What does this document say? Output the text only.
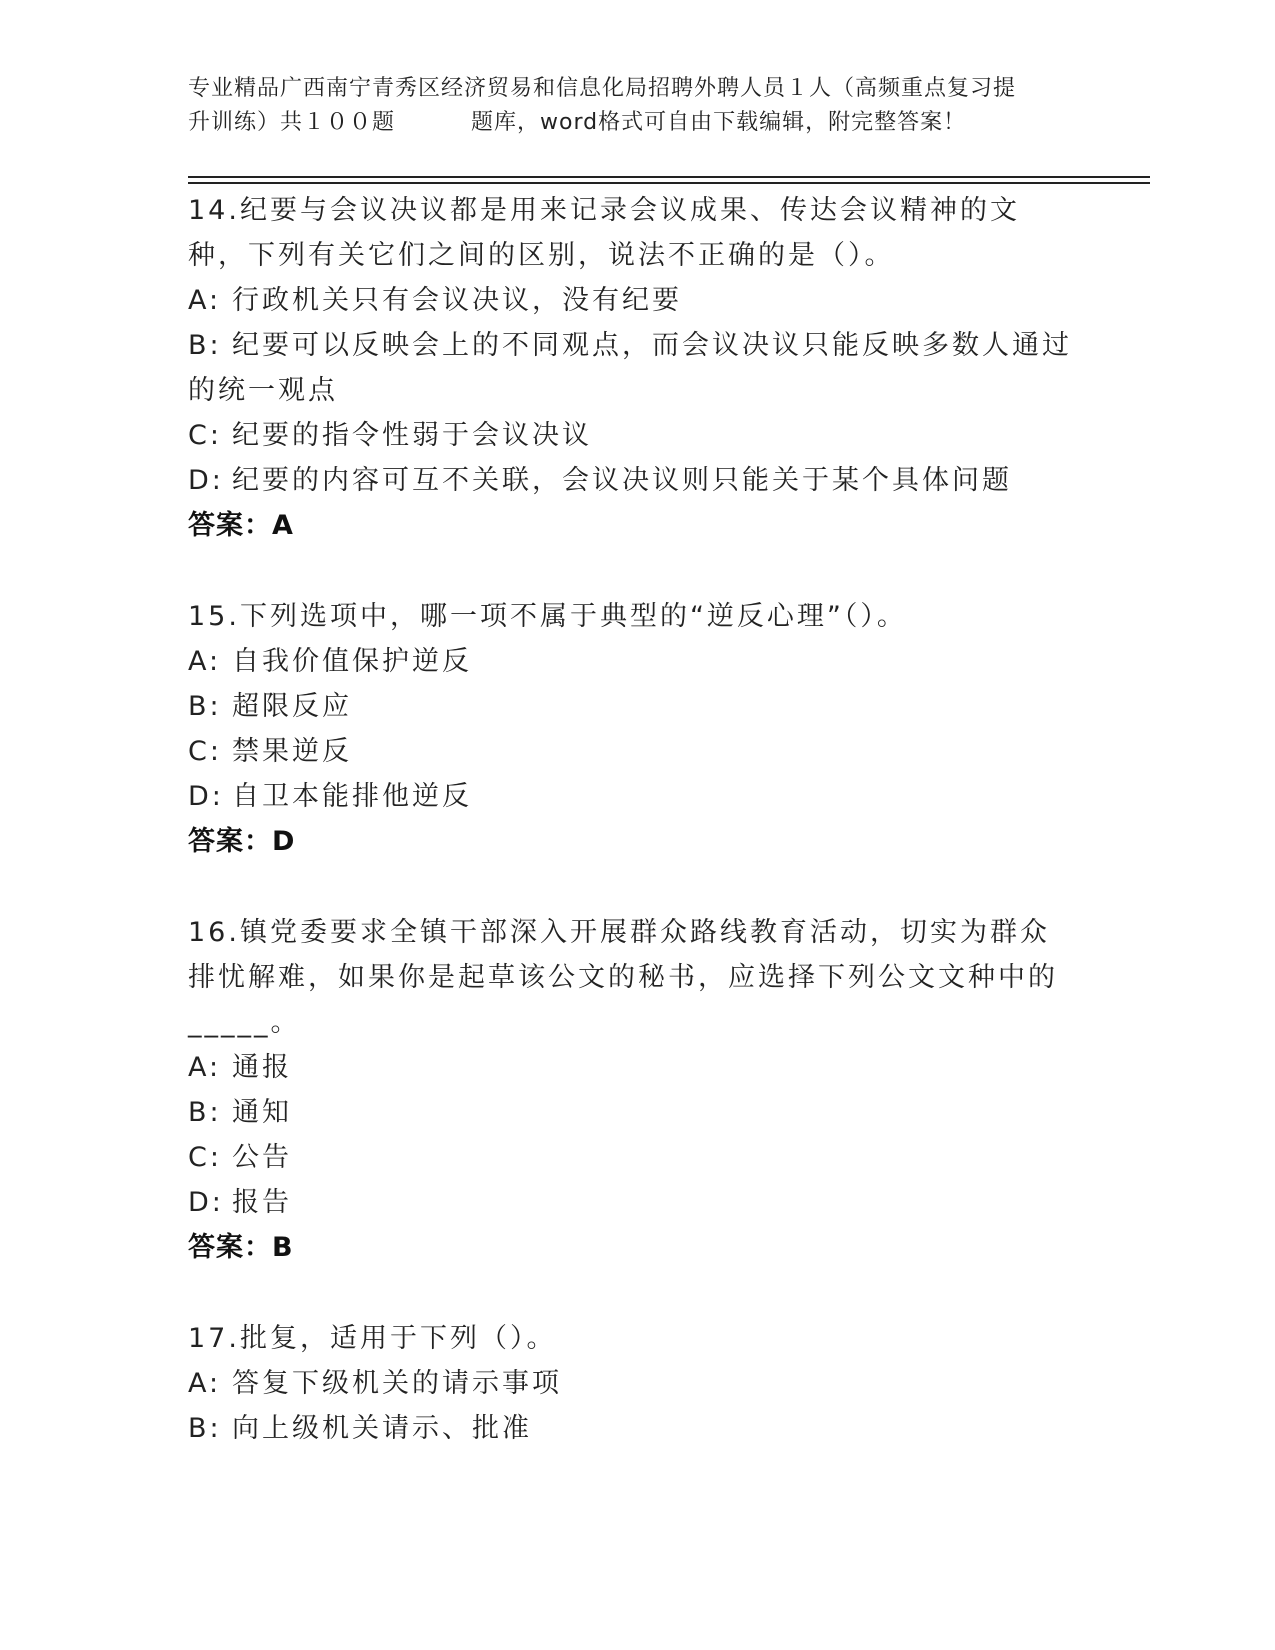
专业精品广西南宁青秀区经济贸易和信息化局招聘外聘人员１人（高频重点复习提
升训练）共１００题	题库，word格式可自由下载编辑，附完整答案！
14.纪要与会议决议都是用来记录会议成果、传达会议精神的文种，下列有关它们之间的区别，说法不正确的是（）。
A: 行政机关只有会议决议，没有纪要
B: 纪要可以反映会上的不同观点，而会议决议只能反映多数人通过的统一观点
C: 纪要的指令性弱于会议决议
D: 纪要的内容可互不关联，会议决议则只能关于某个具体问题
答案：A
15.下列选项中，哪一项不属于典型的“逆反心理”（）。
A: 自我价值保护逆反
B: 超限反应
C: 禁果逆反
D: 自卫本能排他逆反
答案：D
16.镇党委要求全镇干部深入开展群众路线教育活动，切实为群众排忧解难，如果你是起草该公文的秘书，应选择下列公文文种中的_____。
A: 通报
B: 通知
C: 公告
D: 报告
答案：B
17.批复，适用于下列（）。
A: 答复下级机关的请示事项
B: 向上级机关请示、批准
